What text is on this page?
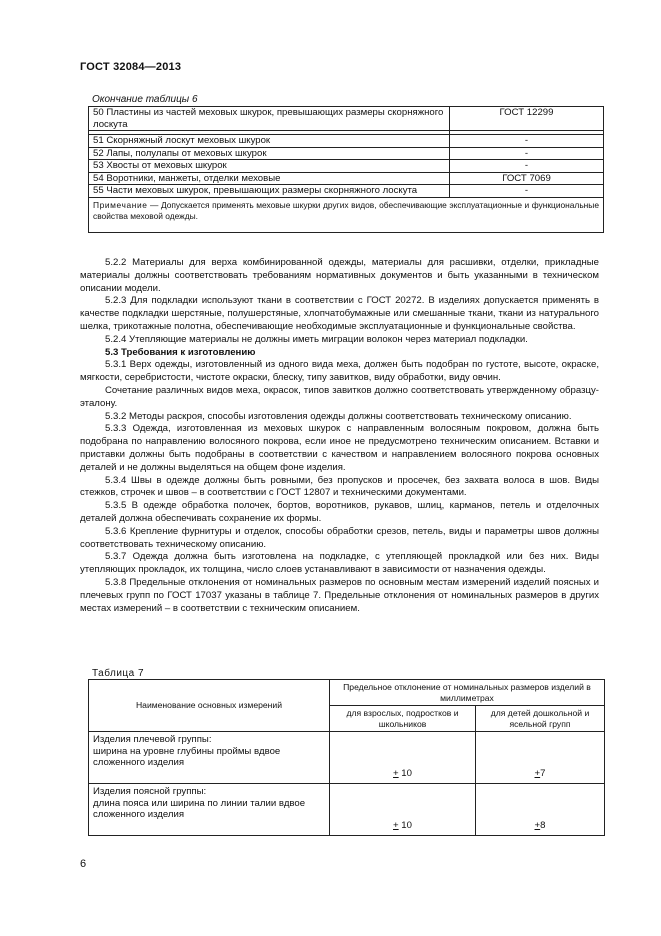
ГОСТ 32084—2013
Окончание таблицы 6
50 Пластины из частей меховых шкурок, превышающих размеры скорняжного лоскута	ГОСТ 12299

51 Скорняжный лоскут меховых шкурок	-
52 Лапы, полулапы от меховых шкурок	-
53 Хвосты от меховых шкурок	-
54 Воротники, манжеты, отделки меховые	ГОСТ 7069
55 Части меховых шкурок, превышающих размеры скорняжного лоскута	-
Примечание — Допускается применять меховые шкурки других видов, обеспечивающие эксплуатационные и функциональные свойства меховой одежды.	

5.2.2 Материалы для верха комбинированной одежды, материалы для расшивки, отделки, прикладные материалы должны соответствовать требованиям нормативных документов и быть указанными в техническом описании модели.

5.2.3 Для подкладки используют ткани в соответствии с ГОСТ 20272. В изделиях допускается применять в качестве подкладки шерстяные, полушерстяные, хлопчатобумажные или смешанные ткани, ткани из натурального шелка, трикотажные полотна, обеспечивающие необходимые эксплуатационные и функциональные свойства.

5.2.4 Утепляющие материалы не должны иметь миграции волокон через материал подкладки.

5.3 Требования к изготовлению

5.3.1 Верх одежды, изготовленный из одного вида меха, должен быть подобран по густоте, высоте, окраске, мягкости, серебристости, чистоте окраски, блеску, типу завитков, виду обработки, виду овчин.

Сочетание различных видов меха, окрасок, типов завитков должно соответствовать утвержденному образцу-эталону.

5.3.2 Методы раскроя, способы изготовления одежды должны соответствовать техническому описанию.

5.3.3 Одежда, изготовленная из меховых шкурок с направленным волосяным покровом, должна быть подобрана по направлению волосяного покрова, если иное не предусмотрено техническим описанием. Вставки и приставки должны быть подобраны в соответствии с качеством и направлением волосяного покрова основных деталей и не должны выделяться на общем фоне изделия.

5.3.4 Швы в одежде должны быть ровными, без пропусков и просечек, без захвата волоса в шов. Виды стежков, строчек и швов – в соответствии с ГОСТ 12807 и техническими документами.

5.3.5 В одежде обработка полочек, бортов, воротников, рукавов, шлиц, карманов, петель и отделочных деталей должна обеспечивать сохранение их формы.

5.3.6 Крепление фурнитуры и отделок, способы обработки срезов, петель, виды и параметры швов должны соответствовать техническому описанию.

5.3.7 Одежда должна быть изготовлена на подкладке, с утепляющей прокладкой или без них. Виды утепляющих прокладок, их толщина, число слоев устанавливают в зависимости от назначения одежды.

5.3.8 Предельные отклонения от номинальных размеров по основным местам измерений изделий поясных и плечевых групп по ГОСТ 17037 указаны в таблице 7. Предельные отклонения от номинальных размеров в других местах измерений – в соответствии с техническим описанием.

Таблица 7
Наименование основных измерений	Предельное отклонение от номинальных размеров изделий в миллиметрах	
	для взрослых, подростков и школьников	для детей дошкольной и ясельной групп
Изделия плечевой группы:
ширина на уровне глубины проймы вдвое сложенного изделия	+ 10	+7
Изделия поясной группы:
длина пояса или ширина по линии талии вдвое сложенного изделия	+ 10	+8
6
